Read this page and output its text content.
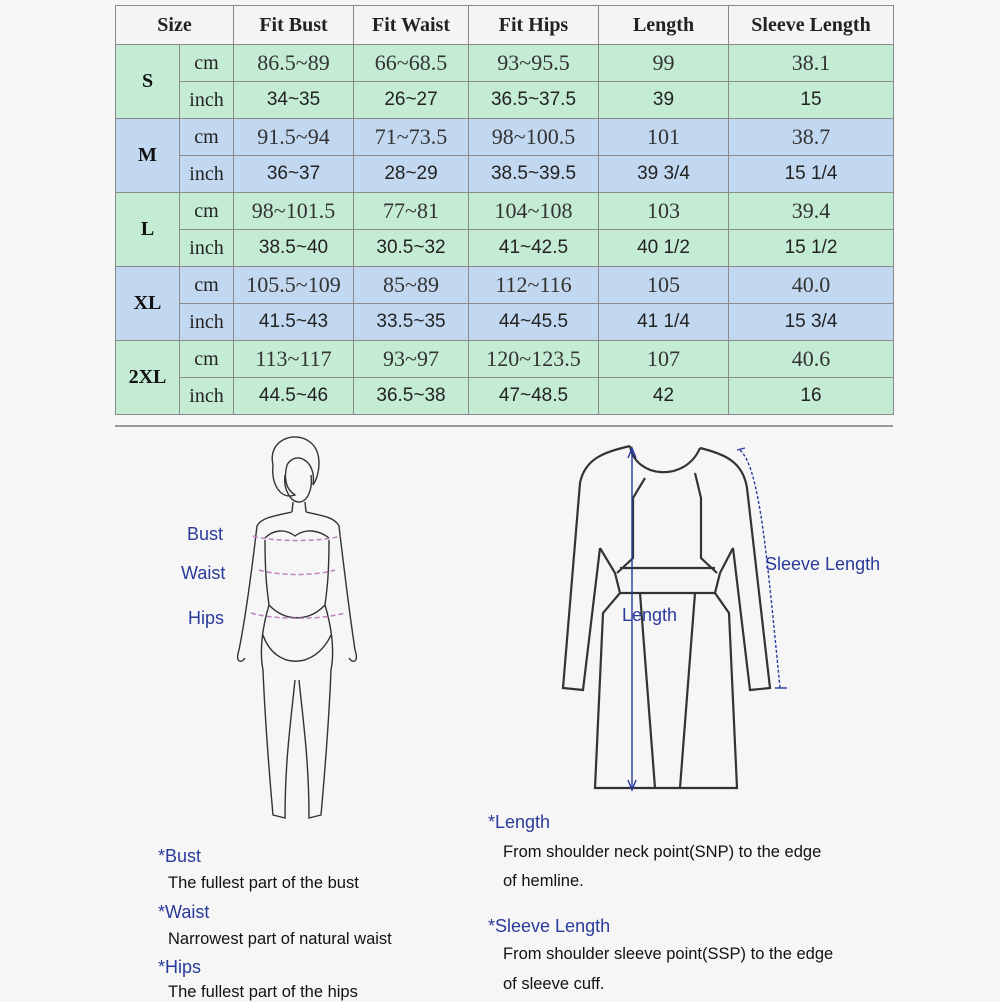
Size		Fit Bust	Fit Waist	Fit Hips	Length	Sleeve Length
S	cm	86.5~89	66~68.5	93~95.5	99	38.1
	inch	34~35	26~27	36.5~37.5	39	15
M	cm	91.5~94	71~73.5	98~100.5	101	38.7
	inch	36~37	28~29	38.5~39.5	39 3/4	15 1/4
L	cm	98~101.5	77~81	104~108	103	39.4
	inch	38.5~40	30.5~32	41~42.5	40 1/2	15 1/2
XL	cm	105.5~109	85~89	112~116	105	40.0
	inch	41.5~43	33.5~35	44~45.5	41 1/4	15 3/4
2XL	cm	113~117	93~97	120~123.5	107	40.6
	inch	44.5~46	36.5~38	47~48.5	42	16
Bust
Waist
Hips	Length
Sleeve Length
*Bust
The fullest part of the bust
*Waist
Narrowest part of natural waist
*Hips
The fullest part of the hips
*Length
From shoulder neck point(SNP) to the edge
of hemline.
*Sleeve Length
From shoulder sleeve point(SSP) to the edge
of sleeve cuff.
